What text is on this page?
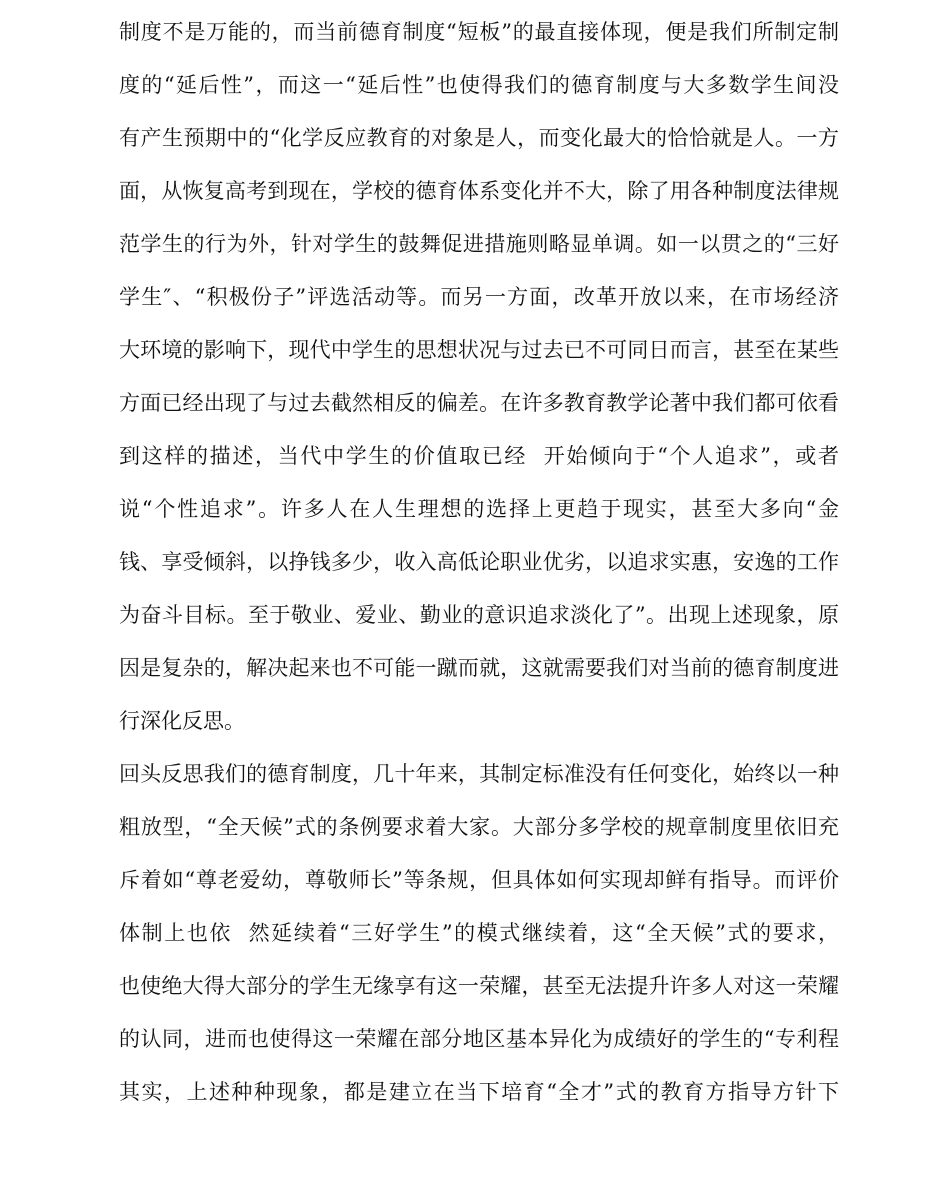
制度不是万能的，而当前德育制度“短板”的最直接体现，便是我们所制定制
度的“延后性”，而这一“延后性”也使得我们的德育制度与大多数学生间没
有产生预期中的“化学反应教育的对象是人，而变化最大的恰恰就是人。一方
面，从恢复高考到现在，学校的德育体系变化并不大，除了用各种制度法律规
范学生的行为外，针对学生的鼓舞促进措施则略显单调。如一以贯之的“三好
学生″、“积极份子”评选活动等。而另一方面，改革开放以来，在市场经济
大环境的影响下，现代中学生的思想状况与过去已不可同日而言，甚至在某些
方面已经出现了与过去截然相反的偏差。在许多教育教学论著中我们都可依看
到这样的描述，当代中学生的价值取已经  开始倾向于“个人追求”，或者
说“个性追求”。许多人在人生理想的选择上更趋于现实，甚至大多向“金
钱、享受倾斜，以挣钱多少，收入高低论职业优劣，以追求实惠，安逸的工作
为奋斗目标。至于敬业、爱业、勤业的意识追求淡化了”。出现上述现象，原
因是复杂的，解决起来也不可能一蹴而就，这就需要我们对当前的德育制度进
行深化反思。
回头反思我们的德育制度，几十年来，其制定标准没有任何变化，始终以一种
粗放型，“全天候”式的条例要求着大家。大部分多学校的规章制度里依旧充
斥着如“尊老爱幼，尊敬师长”等条规，但具体如何实现却鲜有指导。而评价
体制上也依  然延续着“三好学生”的模式继续着，这“全天候”式的要求，
也使绝大得大部分的学生无缘享有这一荣耀，甚至无法提升许多人对这一荣耀
的认同，进而也使得这一荣耀在部分地区基本异化为成绩好的学生的“专利程
其实，上述种种现象，都是建立在当下培育“全才”式的教育方指导方针下
